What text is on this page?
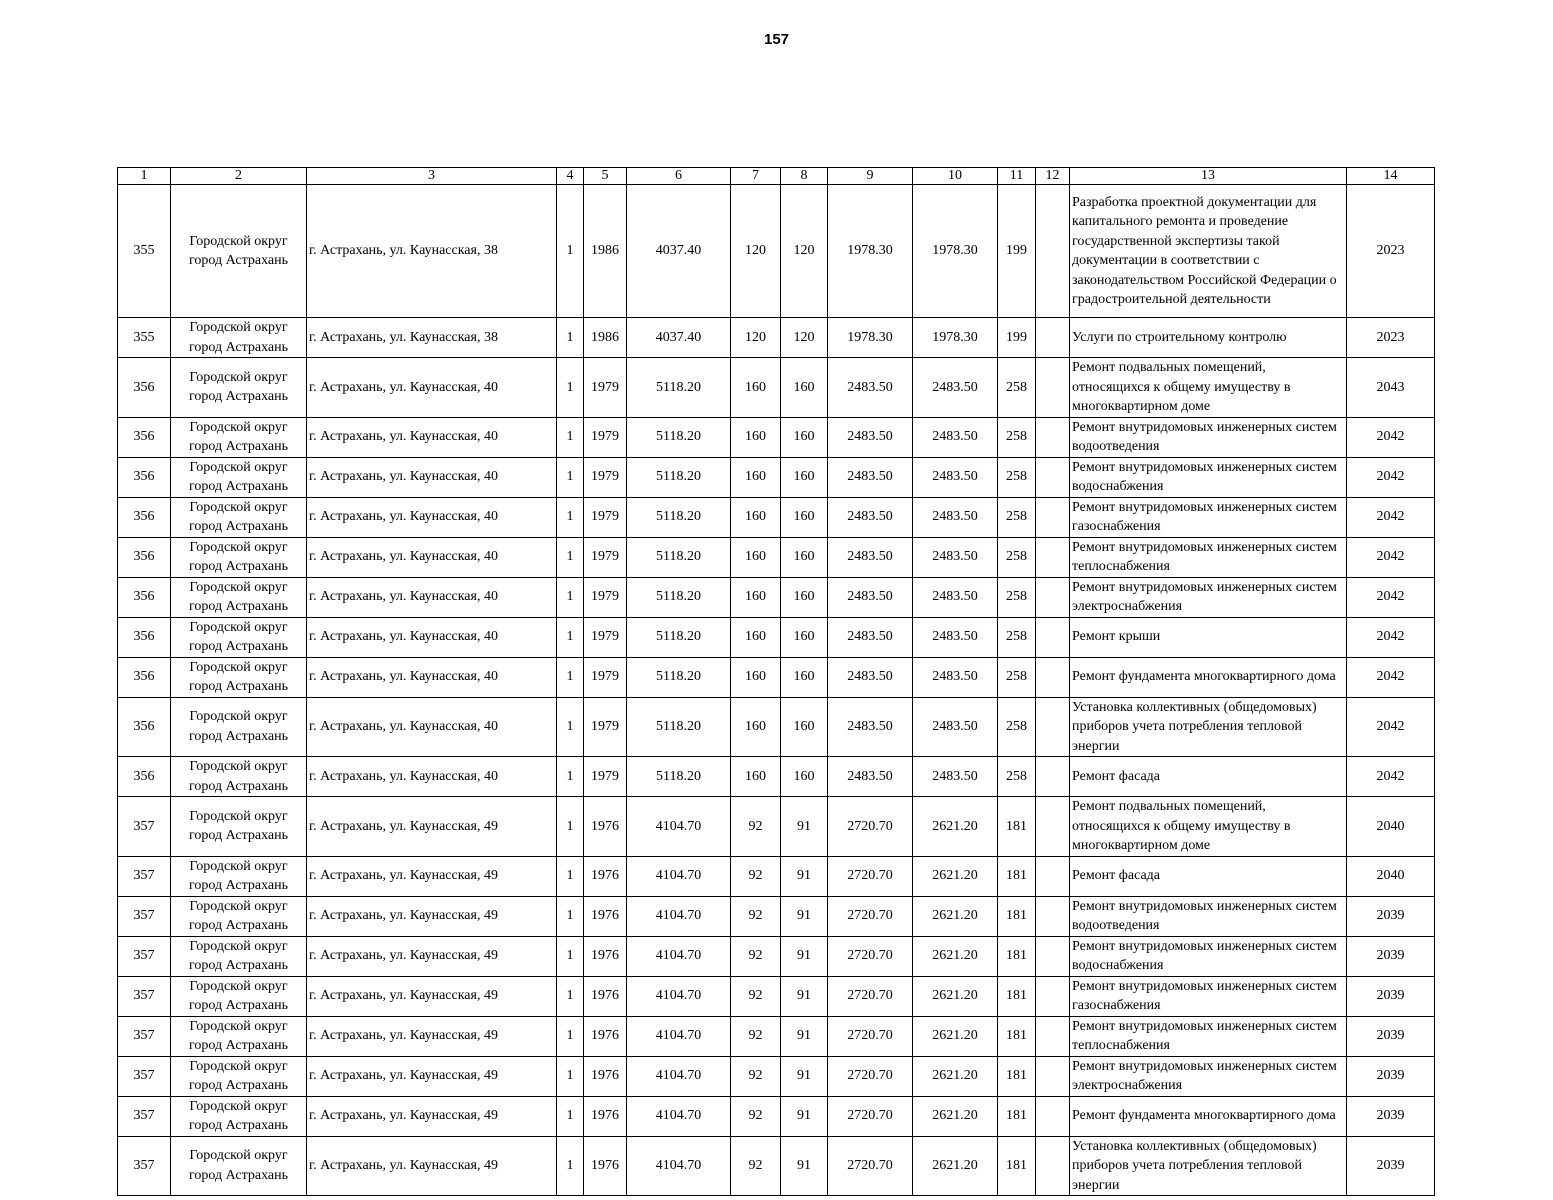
157
1	2	3	4	5	6	7	8	9	10	11	12	13	14
355	Городской округ город Астрахань	г. Астрахань, ул. Каунасская, 38	1	1986	4037.40	120	120	1978.30	1978.30	199		Разработка проектной документации для капитального ремонта и проведение государственной экспертизы такой документации в соответствии с законодательством Российской Федерации о градостроительной деятельности	2023
355	Городской округ город Астрахань	г. Астрахань, ул. Каунасская, 38	1	1986	4037.40	120	120	1978.30	1978.30	199		Услуги по строительному контролю	2023
356	Городской округ город Астрахань	г. Астрахань, ул. Каунасская, 40	1	1979	5118.20	160	160	2483.50	2483.50	258		Ремонт подвальных помещений, относящихся к общему имуществу в многоквартирном доме	2043
356	Городской округ город Астрахань	г. Астрахань, ул. Каунасская, 40	1	1979	5118.20	160	160	2483.50	2483.50	258		Ремонт внутридомовых инженерных систем водоотведения	2042
356	Городской округ город Астрахань	г. Астрахань, ул. Каунасская, 40	1	1979	5118.20	160	160	2483.50	2483.50	258		Ремонт внутридомовых инженерных систем водоснабжения	2042
356	Городской округ город Астрахань	г. Астрахань, ул. Каунасская, 40	1	1979	5118.20	160	160	2483.50	2483.50	258		Ремонт внутридомовых инженерных систем газоснабжения	2042
356	Городской округ город Астрахань	г. Астрахань, ул. Каунасская, 40	1	1979	5118.20	160	160	2483.50	2483.50	258		Ремонт внутридомовых инженерных систем теплоснабжения	2042
356	Городской округ город Астрахань	г. Астрахань, ул. Каунасская, 40	1	1979	5118.20	160	160	2483.50	2483.50	258		Ремонт внутридомовых инженерных систем электроснабжения	2042
356	Городской округ город Астрахань	г. Астрахань, ул. Каунасская, 40	1	1979	5118.20	160	160	2483.50	2483.50	258		Ремонт крыши	2042
356	Городской округ город Астрахань	г. Астрахань, ул. Каунасская, 40	1	1979	5118.20	160	160	2483.50	2483.50	258		Ремонт фундамента многоквартирного дома	2042
356	Городской округ город Астрахань	г. Астрахань, ул. Каунасская, 40	1	1979	5118.20	160	160	2483.50	2483.50	258		Установка коллективных (общедомовых) приборов учета потребления тепловой энергии	2042
356	Городской округ город Астрахань	г. Астрахань, ул. Каунасская, 40	1	1979	5118.20	160	160	2483.50	2483.50	258		Ремонт фасада	2042
357	Городской округ город Астрахань	г. Астрахань, ул. Каунасская, 49	1	1976	4104.70	92	91	2720.70	2621.20	181		Ремонт подвальных помещений, относящихся к общему имуществу в многоквартирном доме	2040
357	Городской округ город Астрахань	г. Астрахань, ул. Каунасская, 49	1	1976	4104.70	92	91	2720.70	2621.20	181		Ремонт фасада	2040
357	Городской округ город Астрахань	г. Астрахань, ул. Каунасская, 49	1	1976	4104.70	92	91	2720.70	2621.20	181		Ремонт внутридомовых инженерных систем водоотведения	2039
357	Городской округ город Астрахань	г. Астрахань, ул. Каунасская, 49	1	1976	4104.70	92	91	2720.70	2621.20	181		Ремонт внутридомовых инженерных систем водоснабжения	2039
357	Городской округ город Астрахань	г. Астрахань, ул. Каунасская, 49	1	1976	4104.70	92	91	2720.70	2621.20	181		Ремонт внутридомовых инженерных систем газоснабжения	2039
357	Городской округ город Астрахань	г. Астрахань, ул. Каунасская, 49	1	1976	4104.70	92	91	2720.70	2621.20	181		Ремонт внутридомовых инженерных систем теплоснабжения	2039
357	Городской округ город Астрахань	г. Астрахань, ул. Каунасская, 49	1	1976	4104.70	92	91	2720.70	2621.20	181		Ремонт внутридомовых инженерных систем электроснабжения	2039
357	Городской округ город Астрахань	г. Астрахань, ул. Каунасская, 49	1	1976	4104.70	92	91	2720.70	2621.20	181		Ремонт фундамента многоквартирного дома	2039
357	Городской округ город Астрахань	г. Астрахань, ул. Каунасская, 49	1	1976	4104.70	92	91	2720.70	2621.20	181		Установка коллективных (общедомовых) приборов учета потребления тепловой энергии	2039
